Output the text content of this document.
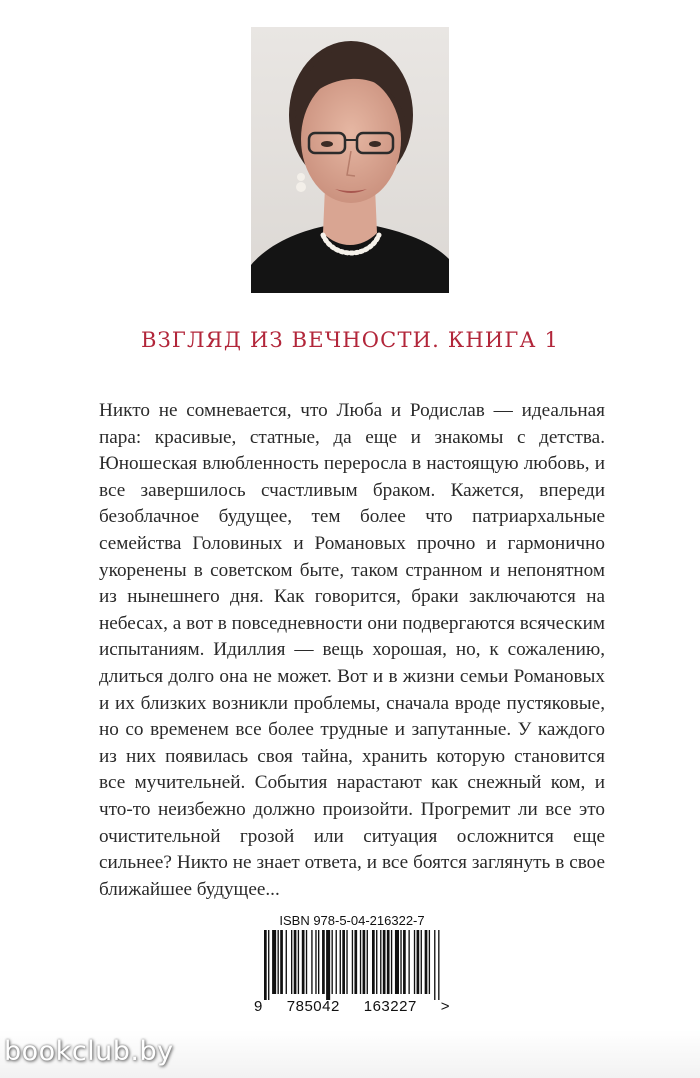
ВЗГЛЯД ИЗ ВЕЧНОСТИ. КНИГА 1

Никто не сомневается, что Люба и Родислав — идеальная пара: красивые, статные, да еще и знакомы с детства. Юношеская влюбленность переросла в настоящую любовь, и все завершилось счастливым браком. Кажется, впереди безоблачное будущее, тем более что патриархальные семейства Головиных и Романовых прочно и гармонично укоренены в советском быте, таком странном и непонятном из нынешнего дня. Как говорится, браки заключаются на небесах, а вот в повседневности они подвергаются всяческим испытаниям. Идиллия — вещь хорошая, но, к сожалению, длиться долго она не может. Вот и в жизни семьи Романовых и их близких возникли проблемы, сначала вроде пустяковые, но со временем все более трудные и запутанные. У каждого из них появилась своя тайна, хранить которую становится все мучительней. События нарастают как снежный ком, и что-то неизбежно должно произойти. Прогремит ли все это очистительной грозой или ситуация осложнится еще сильнее? Никто не знает ответа, и все боятся заглянуть в свое ближайшее будущее...

ISBN 978-5-04-216322-7
9 785042 163227 >
bookclub.by
